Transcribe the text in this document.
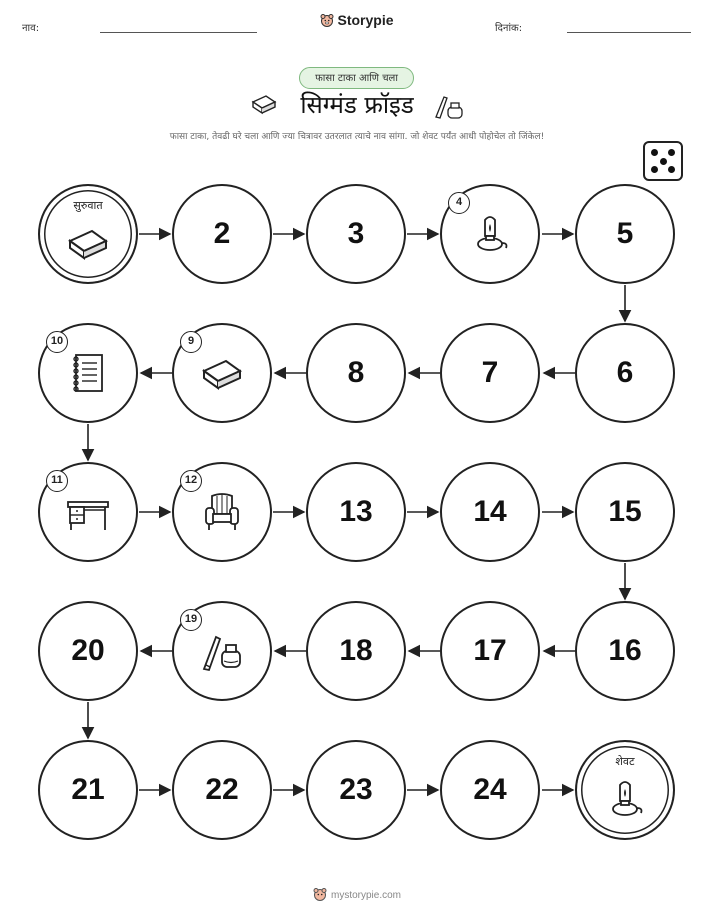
नाव:
Storypie
दिनांक:
फासा टाका आणि चला
सिग्मंड फ्रॉइड
फासा टाका, तेवढी घरे चला आणि ज्या चित्रावर उतरलात त्याचे नाव सांगा. जो शेवट पर्यंत आधी पोहोचेल तो जिंकेल!
सुरुवात
2	3
4
5
10	9
8	7	6
11	12
13	14	15
20
19
18	17	16
21	22	23	24
शेवट
mystorypie.com
